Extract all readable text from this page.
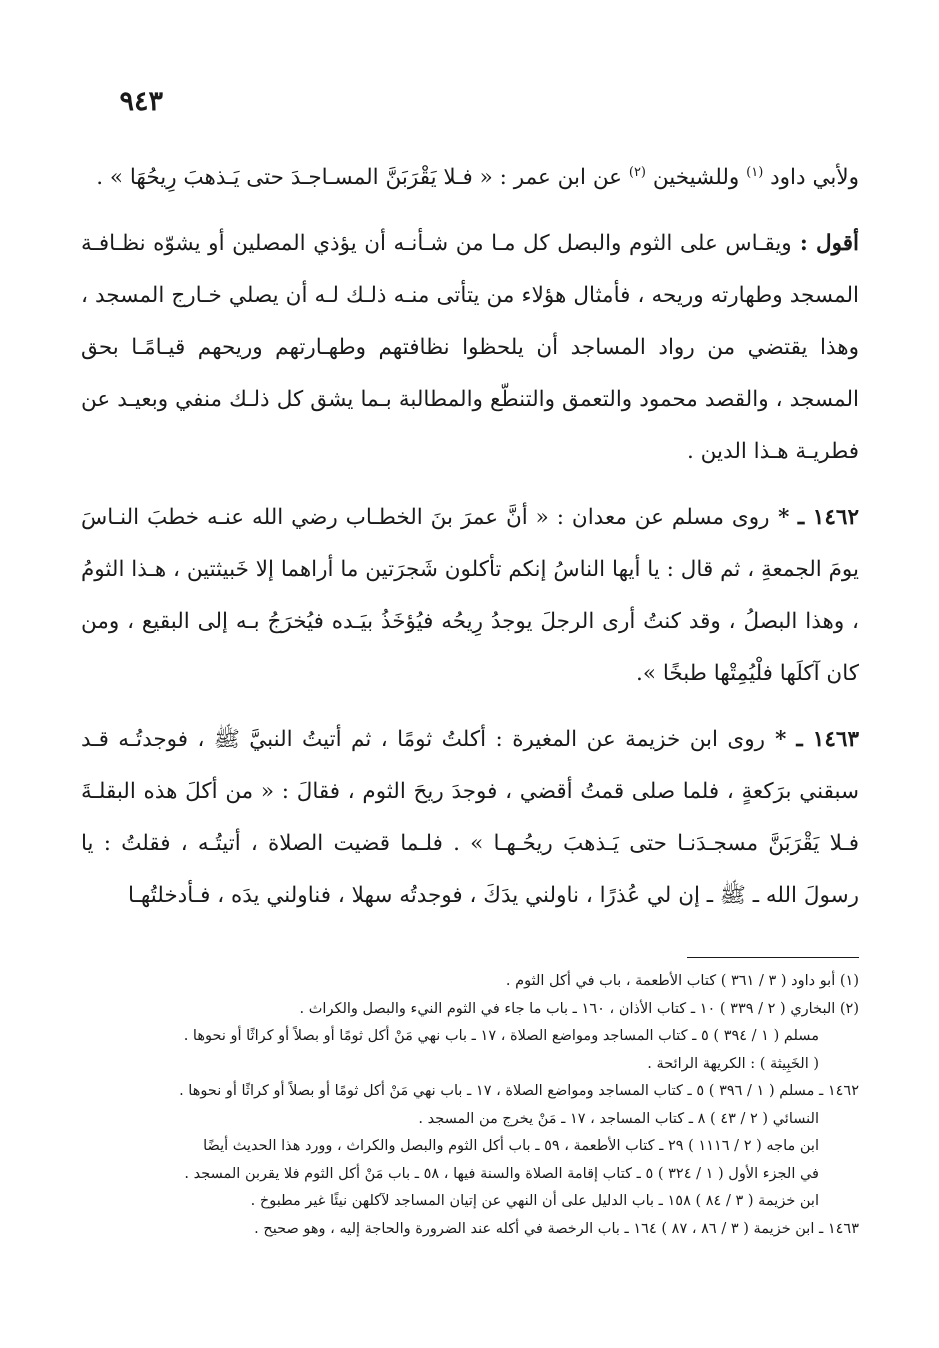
٩٤٣

ولأبي داود $^{(١)}$ وللشيخين $^{(٢)}$ عن ابن عمر : « فـلا يَقْرَبَنَّ المسـاجـدَ حتى يَـذهبَ رِيحُهَا » .

أقول : ويقـاس على الثوم والبصل كل مـا من شـأنـه أن يؤذي المصلين أو يشوّه نظـافـة المسجد وطهارته وريحه ، فأمثال هؤلاء من يتأتى منـه ذلـك لـه أن يصلي خـارج المسجد ، وهذا يقتضي من رواد المساجد أن يلحظوا نظافتهم وطهـارتهم وريحهم قيـامًـا بحق المسجد ، والقصد محمود والتعمق والتنطّع والمطالبة بـما يشق كل ذلـك منفي وبعيـد عن فطريـة هـذا الدين .

١٤٦٢ ـ * روى مسلم عن معدان : « أنَّ عمرَ بنَ الخطـاب رضي الله عنـه خطبَ النـاسَ يومَ الجمعةِ ، ثم قال : يا أيها الناسُ إنكم تأكلون شَجرَتين ما أراهما إلا خَبيثتين ، هـذا الثومُ ، وهذا البصلُ ، وقد كنتُ أرى الرجلَ يوجدُ رِيحُه فيُؤخَذُ بيَـده فيُخرَجُ بـه إلى البقيع ، ومن كان آكلَها فلْيُمِتْها طبخًا ».

١٤٦٣ ـ * روى ابن خزيمة عن المغيرة : أكلتُ ثومًا ، ثم أتيتُ النبيَّ ﷺ ، فوجدتُـه قـد سبقني برَكعةٍ ، فلما صلى قمتُ أقضي ، فوجدَ ريحَ الثوم ، فقالَ : « من أكلَ هذه البقلـةَ فـلا يَقْرَبَنَّ مسجـدَنـا حتى يَـذهبَ ريحُـهـا » . فلـما قضيت الصلاة ، أتيتُـه ، فقلتُ : يا رسولَ الله ـ ﷺ ـ إن لي عُذرًا ، ناولني يدَكَ ، فوجدتُه سهلا ، فناولني يدَه ، فـأدخلتُهـا

(١) أبو داود ( ٣ / ٣٦١ ) كتاب الأطعمة ، باب في أكل الثوم .

(٢) البخاري ( ٢ / ٣٣٩ ) ١٠ ـ كتاب الأذان ، ١٦٠ ـ باب ما جاء في الثوم النيء والبصل والكراث .

مسلم ( ١ / ٣٩٤ ) ٥ ـ كتاب المساجد ومواضع الصلاة ، ١٧ ـ باب نهي مَنْ أكل ثومًا أو بصلاً أو كراثًا أو نحوها .

( الخَبِيثة ) : الكريهة الرائحة .

١٤٦٢ ـ مسلم ( ١ / ٣٩٦ ) ٥ ـ كتاب المساجد ومواضع الصلاة ، ١٧ ـ باب نهي مَنْ أكل ثومًا أو بصلاً أو كراثًا أو نحوها .

النسائي ( ٢ / ٤٣ ) ٨ ـ كتاب المساجد ، ١٧ ـ مَنْ يخرج من المسجد .

ابن ماجه ( ٢ / ١١١٦ ) ٢٩ ـ كتاب الأطعمة ، ٥٩ ـ باب أكل الثوم والبصل والكراث ، وورد هذا الحديث أيضًا

في الجزء الأول ( ١ / ٣٢٤ ) ٥ ـ كتاب إقامة الصلاة والسنة فيها ، ٥٨ ـ باب مَنْ أكل الثوم فلا يقربن المسجد .

ابن خزيمة ( ٣ / ٨٤ ) ١٥٨ ـ باب الدليل على أن النهي عن إتيان المساجد لآكلهن نيئًا غير مطبوخ .

١٤٦٣ ـ ابن خزيمة ( ٣ / ٨٦ ، ٨٧ ) ١٦٤ ـ باب الرخصة في أكله عند الضرورة والحاجة إليه ، وهو صحيح .
